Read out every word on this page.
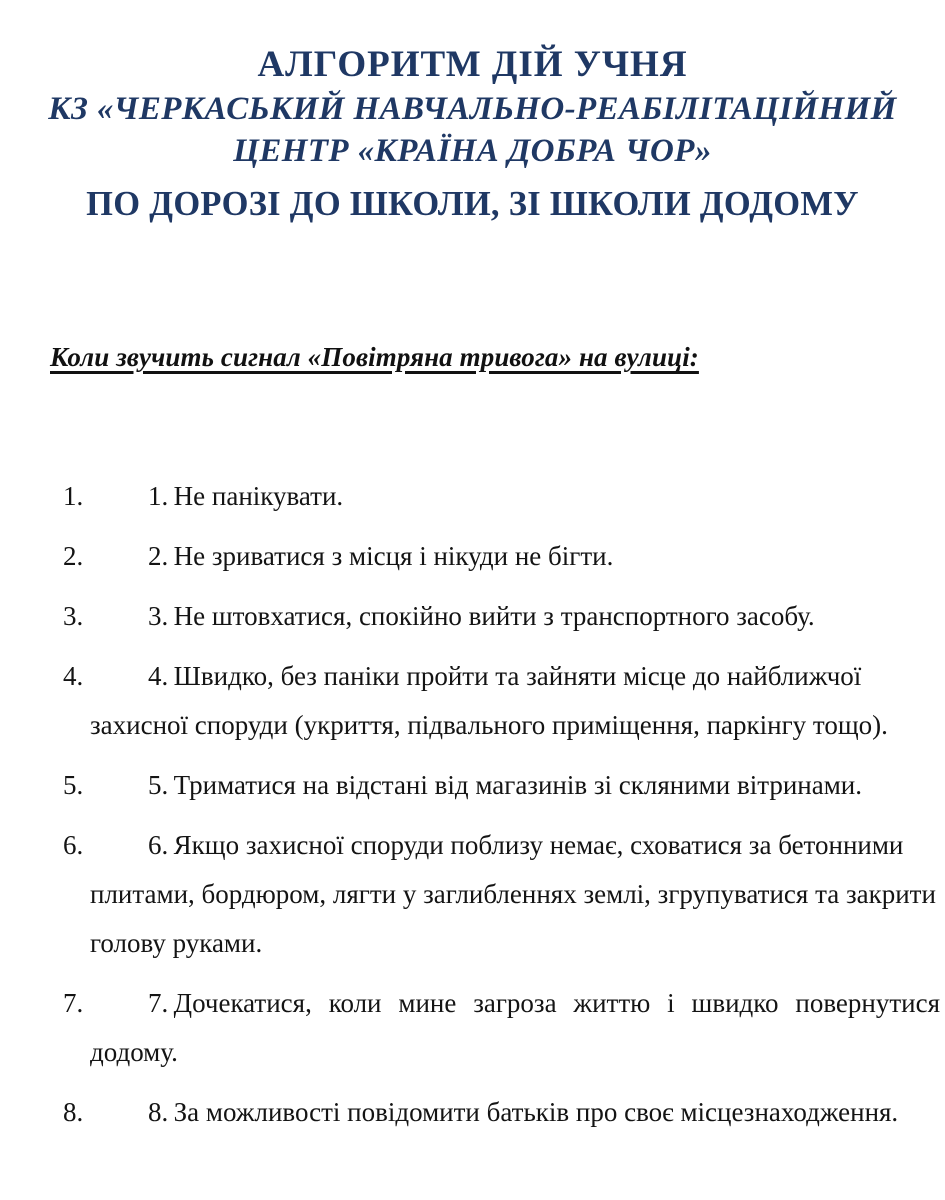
АЛГОРИТМ ДІЙ УЧНЯ
КЗ «ЧЕРКАСЬКИЙ НАВЧАЛЬНО-РЕАБІЛІТАЦІЙНИЙ
ЦЕНТР «КРАЇНА ДОБРА ЧОР»
ПО ДОРОЗІ ДО ШКОЛИ, ЗІ ШКОЛИ ДОДОМУ
Коли звучить сигнал «Повітряна тривога» на вулиці:
1. 1. Не панікувати.
2. 2. Не зриватися з місця і нікуди не бігти.
3. 3. Не штовхатися, спокійно вийти з транспортного засобу.
4. 4. Швидко, без паніки пройти та зайняти місце до найближчої захисної споруди (укриття, підвального приміщення, паркінгу тощо).
5. 5. Триматися на відстані від магазинів зі скляними вітринами.
6. 6. Якщо захисної споруди поблизу немає, сховатися за бетонними плитами, бордюром, лягти у заглибленнях землі, згрупуватися та закрити голову руками.
7. 7. Дочекатися, коли мине загроза життю і швидко повернутися додому.
8. 8. За можливості повідомити батьків про своє місцезнаходження.
